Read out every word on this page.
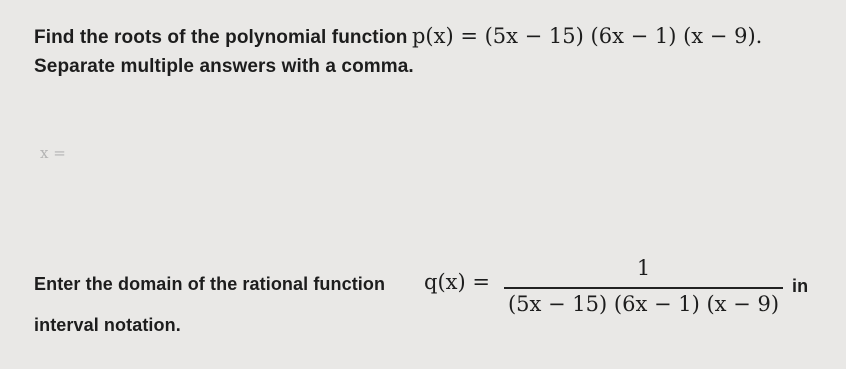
Find the roots of the polynomial function p(x) = (5x − 15) (6x − 1) (x − 9).
Separate multiple answers with a comma.
x =
Enter the domain of the rational function q(x) =
1
(5x − 15) (6x − 1) (x − 9)
in
interval notation.
